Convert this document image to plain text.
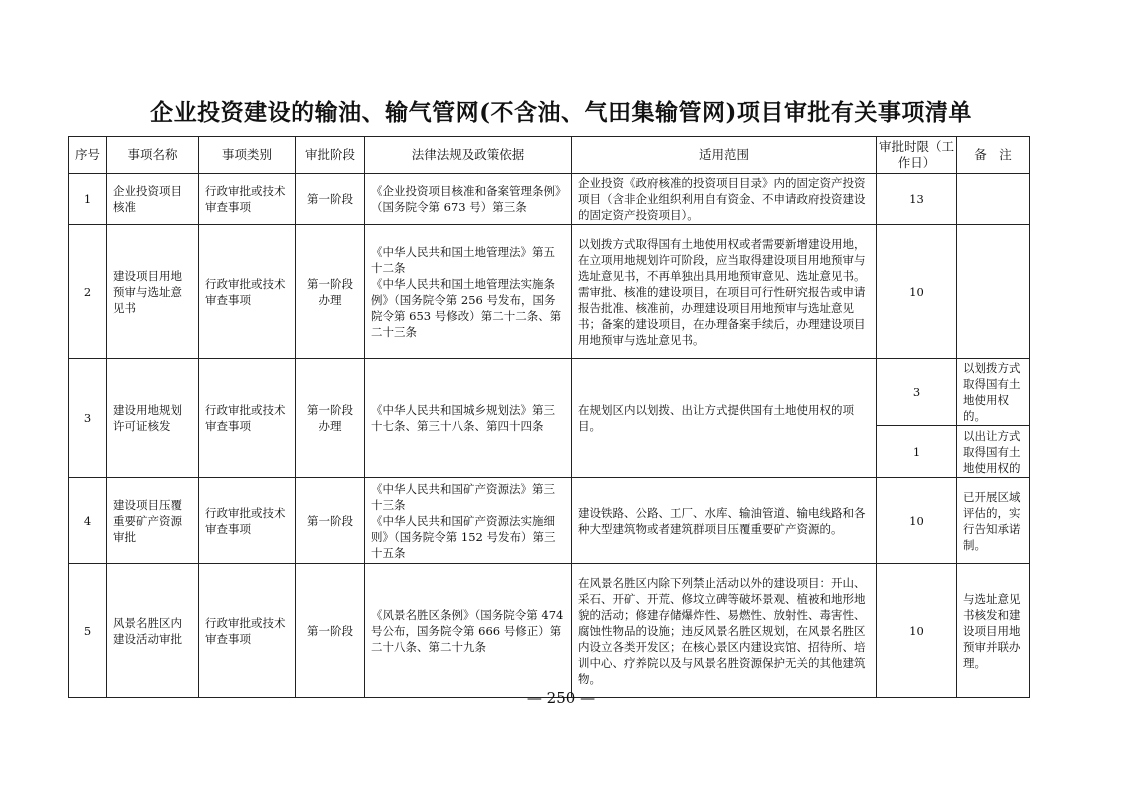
企业投资建设的输油、输气管网(不含油、气田集输管网)项目审批有关事项清单
序号	事项名称	事项类别	审批阶段	法律法规及政策依据	适用范围	审批时限（工作日）	备　注
1	企业投资项目核准	行政审批或技术审查事项	第一阶段	《企业投资项目核准和备案管理条例》（国务院令第 673 号）第三条	企业投资《政府核准的投资项目目录》内的固定资产投资项目（含非企业组织利用自有资金、不申请政府投资建设的固定资产投资项目）。	13	
2	建设项目用地预审与选址意见书	行政审批或技术审查事项	第一阶段办理	《中华人民共和国土地管理法》第五十二条
《中华人民共和国土地管理法实施条例》（国务院令第 256 号发布，国务院令第 653 号修改）第二十二条、第二十三条	以划拨方式取得国有土地使用权或者需要新增建设用地，在立项用地规划许可阶段，应当取得建设项目用地预审与选址意见书，不再单独出具用地预审意见、选址意见书。
需审批、核准的建设项目，在项目可行性研究报告或申请报告批准、核准前，办理建设项目用地预审与选址意见书；备案的建设项目，在办理备案手续后，办理建设项目用地预审与选址意见书。	10	
3	建设用地规划许可证核发	行政审批或技术审查事项	第一阶段办理	《中华人民共和国城乡规划法》第三十七条、第三十八条、第四十四条	在规划区内以划拨、出让方式提供国有土地使用权的项目。	3	以划拨方式取得国有土地使用权的。
						1	以出让方式取得国有土地使用权的
4	建设项目压覆重要矿产资源审批	行政审批或技术审查事项	第一阶段	《中华人民共和国矿产资源法》第三十三条
《中华人民共和国矿产资源法实施细则》（国务院令第 152 号发布）第三十五条	建设铁路、公路、工厂、水库、输油管道、输电线路和各种大型建筑物或者建筑群项目压覆重要矿产资源的。	10	已开展区域评估的，实行告知承诺制。
5	风景名胜区内建设活动审批	行政审批或技术审查事项	第一阶段	《风景名胜区条例》（国务院令第 474 号公布，国务院令第 666 号修正）第二十八条、第二十九条	在风景名胜区内除下列禁止活动以外的建设项目：开山、采石、开矿、开荒、修坟立碑等破坏景观、植被和地形地貌的活动；修建存储爆炸性、易燃性、放射性、毒害性、腐蚀性物品的设施；违反风景名胜区规划，在风景名胜区内设立各类开发区；在核心景区内建设宾馆、招待所、培训中心、疗养院以及与风景名胜资源保护无关的其他建筑物。	10	与选址意见书核发和建设项目用地预审并联办理。
— 250 —
